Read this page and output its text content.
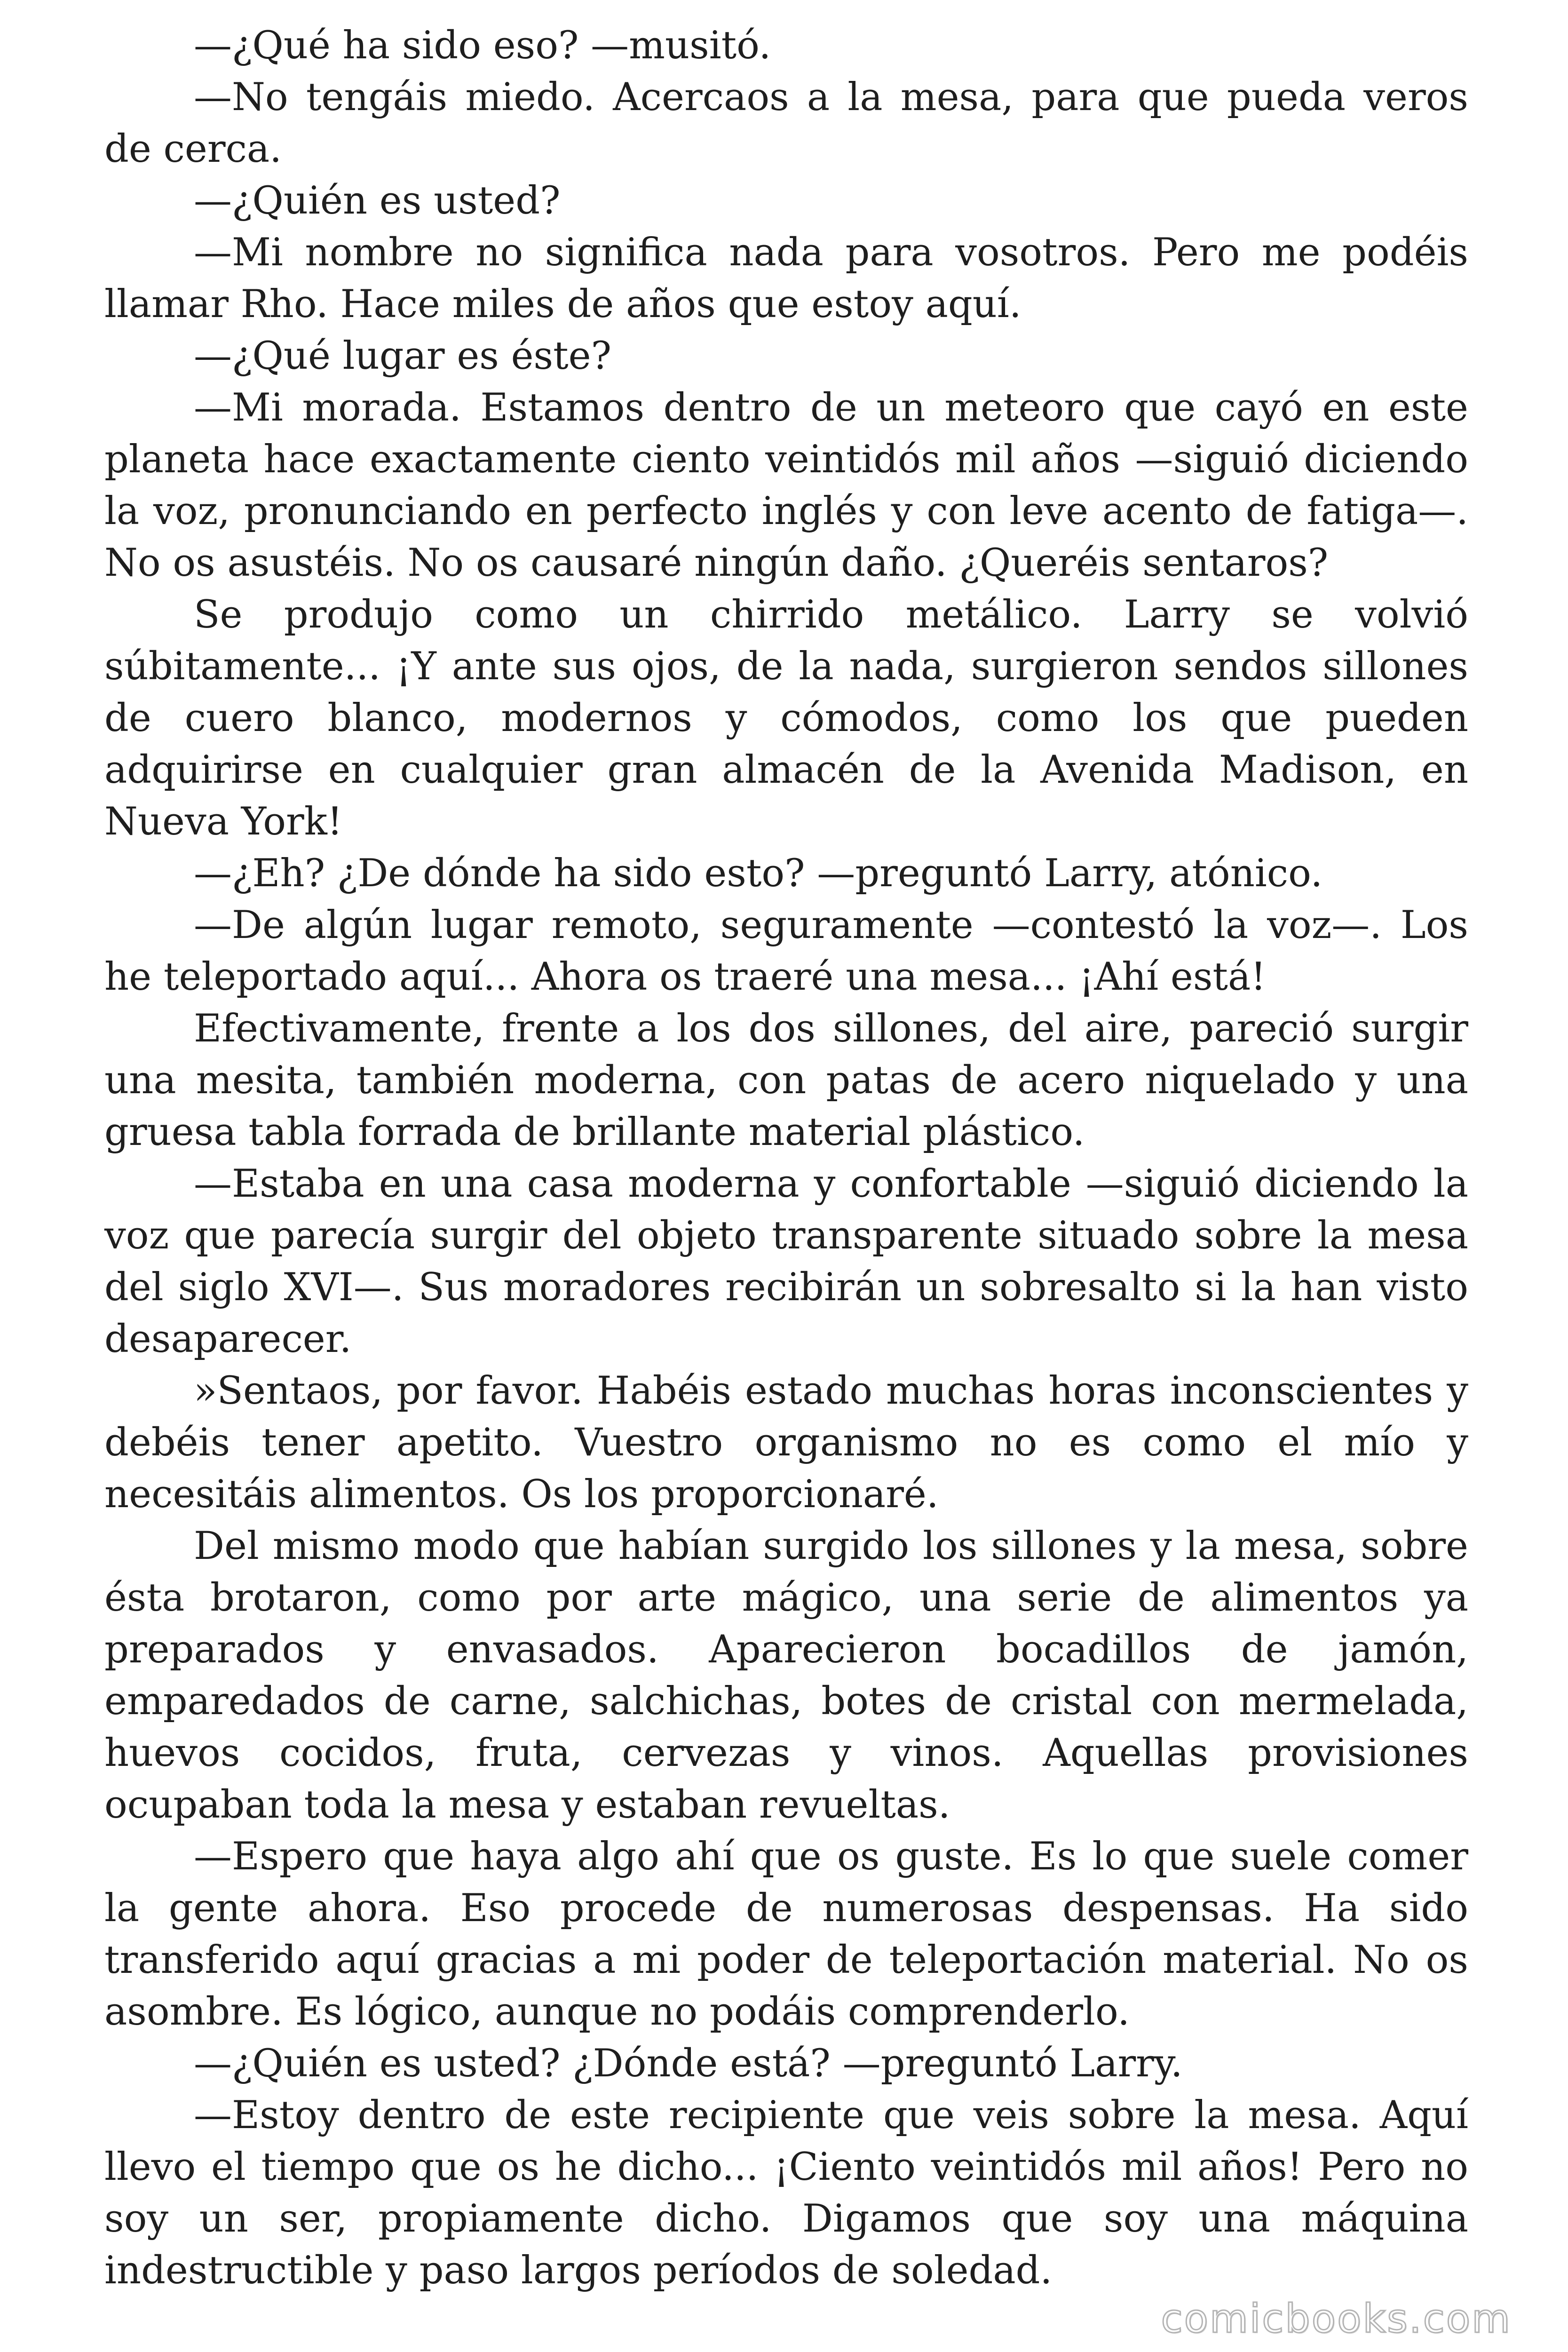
—¿Qué ha sido eso? —musitó.

—No tengáis miedo. Acercaos a la mesa, para que pueda veros de cerca.

—¿Quién es usted?

—Mi nombre no significa nada para vosotros. Pero me podéis llamar Rho. Hace miles de años que estoy aquí.

—¿Qué lugar es éste?

—Mi morada. Estamos dentro de un meteoro que cayó en este planeta hace exactamente ciento veintidós mil años —siguió diciendo la voz, pronunciando en perfecto inglés y con leve acento de fatiga—. No os asustéis. No os causaré ningún daño. ¿Queréis sentaros?

Se produjo como un chirrido metálico. Larry se volvió súbitamente... ¡Y ante sus ojos, de la nada, surgieron sendos sillones de cuero blanco, modernos y cómodos, como los que pueden adquirirse en cualquier gran almacén de la Avenida Madison, en Nueva York!

—¿Eh? ¿De dónde ha sido esto? —preguntó Larry, atónico.

—De algún lugar remoto, seguramente —contestó la voz—. Los he teleportado aquí... Ahora os traeré una mesa... ¡Ahí está!

Efectivamente, frente a los dos sillones, del aire, pareció surgir una mesita, también moderna, con patas de acero niquelado y una gruesa tabla forrada de brillante material plástico.

—Estaba en una casa moderna y confortable —siguió diciendo la voz que parecía surgir del objeto transparente situado sobre la mesa del siglo XVI—. Sus moradores recibirán un sobresalto si la han visto desaparecer.

»Sentaos, por favor. Habéis estado muchas horas inconscientes y debéis tener apetito. Vuestro organismo no es como el mío y necesitáis alimentos. Os los proporcionaré.

Del mismo modo que habían surgido los sillones y la mesa, sobre ésta brotaron, como por arte mágico, una serie de alimentos ya preparados y envasados. Aparecieron bocadillos de jamón, emparedados de carne, salchichas, botes de cristal con mermelada, huevos cocidos, fruta, cervezas y vinos. Aquellas provisiones ocupaban toda la mesa y estaban revueltas.

—Espero que haya algo ahí que os guste. Es lo que suele comer la gente ahora. Eso procede de numerosas despensas. Ha sido transferido aquí gracias a mi poder de teleportación material. No os asombre. Es lógico, aunque no podáis comprenderlo.

—¿Quién es usted? ¿Dónde está? —preguntó Larry.

—Estoy dentro de este recipiente que veis sobre la mesa. Aquí llevo el tiempo que os he dicho... ¡Ciento veintidós mil años! Pero no soy un ser, propiamente dicho. Digamos que soy una máquina indestructible y paso largos períodos de soledad.

comicbooks.com
